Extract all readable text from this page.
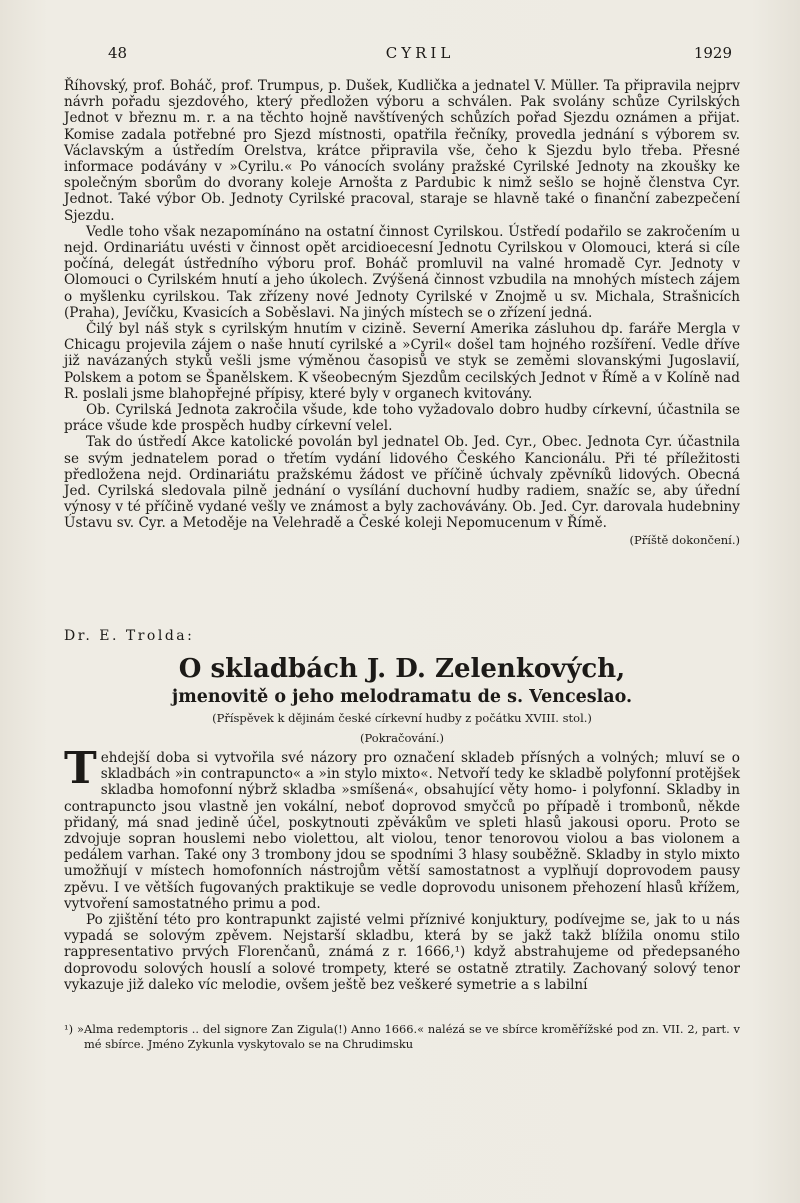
48	CYRIL	1929

Říhovský, prof. Boháč, prof. Trumpus, p. Dušek, Kudlička a jednatel V. Müller. Ta připravila nejprv návrh pořadu sjezdového, který předložen výboru a schválen. Pak svolány schůze Cyrilských Jednot v březnu m. r. a na těchto hojně navštívených schůzích pořad Sjezdu oznámen a přijat. Komise zadala potřebné pro Sjezd místnosti, opatřila řečníky, provedla jednání s výborem sv. Václavským a ústředím Orelstva, krátce připravila vše, čeho k Sjezdu bylo třeba. Přesné informace podávány v »Cyrilu.« Po vánocích svolány pražské Cyrilské Jednoty na zkoušky ke společným sborům do dvorany koleje Arnošta z Pardubic k nimž sešlo se hojně členstva Cyr. Jednot. Také výbor Ob. Jednoty Cyrilské pracoval, staraje se hlavně také o finanční zabezpečení Sjezdu.

Vedle toho však nezapomínáno na ostatní činnost Cyrilskou. Ústředí podařilo se zakročením u nejd. Ordinariátu uvésti v činnost opět arcidioecesní Jednotu Cyrilskou v Olomouci, která si cíle počíná, delegát ústředního výboru prof. Boháč promluvil na valné hromadě Cyr. Jednoty v Olomouci o Cyrilském hnutí a jeho úkolech. Zvýšená činnost vzbudila na mnohých místech zájem o myšlenku cyrilskou. Tak zřízeny nové Jednoty Cyrilské v Znojmě u sv. Michala, Strašnicích (Praha), Jevíčku, Kvasicích a Soběslavi. Na jiných místech se o zřízení jedná.

Čilý byl náš styk s cyrilským hnutím v cizině. Severní Amerika zásluhou dp. faráře Mergla v Chicagu projevila zájem o naše hnutí cyrilské a »Cyril« došel tam hojného rozšíření. Vedle dříve již navázaných styků vešli jsme výměnou časopisů ve styk se zeměmi slovanskými Jugoslavií, Polskem a potom se Španělskem. K všeobecným Sjezdům cecilských Jednot v Římě a v Kolíně nad R. poslali jsme blahopřejné přípisy, které byly v organech kvitovány.

Ob. Cyrilská Jednota zakročila všude, kde toho vyžadovalo dobro hudby církevní, účastnila se práce všude kde prospěch hudby církevní velel.

Tak do ústředí Akce katolické povolán byl jednatel Ob. Jed. Cyr., Obec. Jednota Cyr. účastnila se svým jednatelem porad o třetím vydání lidového Českého Kancionálu. Při té příležitosti předložena nejd. Ordinariátu pražskému žádost ve příčině úchvaly zpěvníků lidových. Obecná Jed. Cyrilská sledovala pilně jednání o vysílání duchovní hudby radiem, snažíc se, aby úřední výnosy v té příčině vydané vešly ve známost a byly zachovávány. Ob. Jed. Cyr. darovala hudebniny Ústavu sv. Cyr. a Metoděje na Velehradě a České koleji Nepomucenum v Římě.

(Příště dokončení.)
Dr. E. Trolda:
O skladbách J. D. Zelenkových,
jmenovitě o jeho melodramatu de s. Venceslao.
(Příspěvek k dějinám české církevní hudby z počátku XVIII. stol.)
(Pokračování.)

Tehdejší doba si vytvořila své názory pro označení skladeb přísných a volných; mluví se o skladbách »in contrapuncto« a »in stylo mixto«. Netvoří tedy ke skladbě polyfonní protějšek skladba homofonní nýbrž skladba »smíšená«, obsahující věty homo- i polyfonní. Skladby in contrapuncto jsou vlastně jen vokální, neboť doprovod smyčců po případě i trombonů, někde přidaný, má snad jedině účel, poskytnouti zpěvákům ve spleti hlasů jakousi oporu. Proto se zdvojuje sopran houslemi nebo violettou, alt violou, tenor tenorovou violou a bas violonem a pedálem varhan. Také ony 3 trombony jdou se spodními 3 hlasy souběžně. Skladby in stylo mixto umožňují v místech homofonních nástrojům větší samostatnost a vyplňují doprovodem pausy zpěvu. I ve větších fugovaných praktikuje se vedle doprovodu unisonem přehození hlasů křížem, vytvoření samostatného primu a pod.

Po zjištění této pro kontrapunkt zajisté velmi příznivé konjuktury, podívejme se, jak to u nás vypadá se solovým zpěvem. Nejstarší skladbu, která by se jakž takž blížila onomu stilo rappresentativo prvých Florenčanů, známá z r. 1666,¹) když abstrahujeme od předepsaného doprovodu solových houslí a solové trompety, které se ostatně ztratily. Zachovaný solový tenor vykazuje již daleko víc melodie, ovšem ještě bez veškeré symetrie a s labilní

¹) »Alma redemptoris .. del signore Zan Zigula(!) Anno 1666.« nalézá se ve sbírce kroměřížské pod zn. VII. 2, part. v mé sbírce. Jméno Zykunla vyskytovalo se na Chrudimsku
